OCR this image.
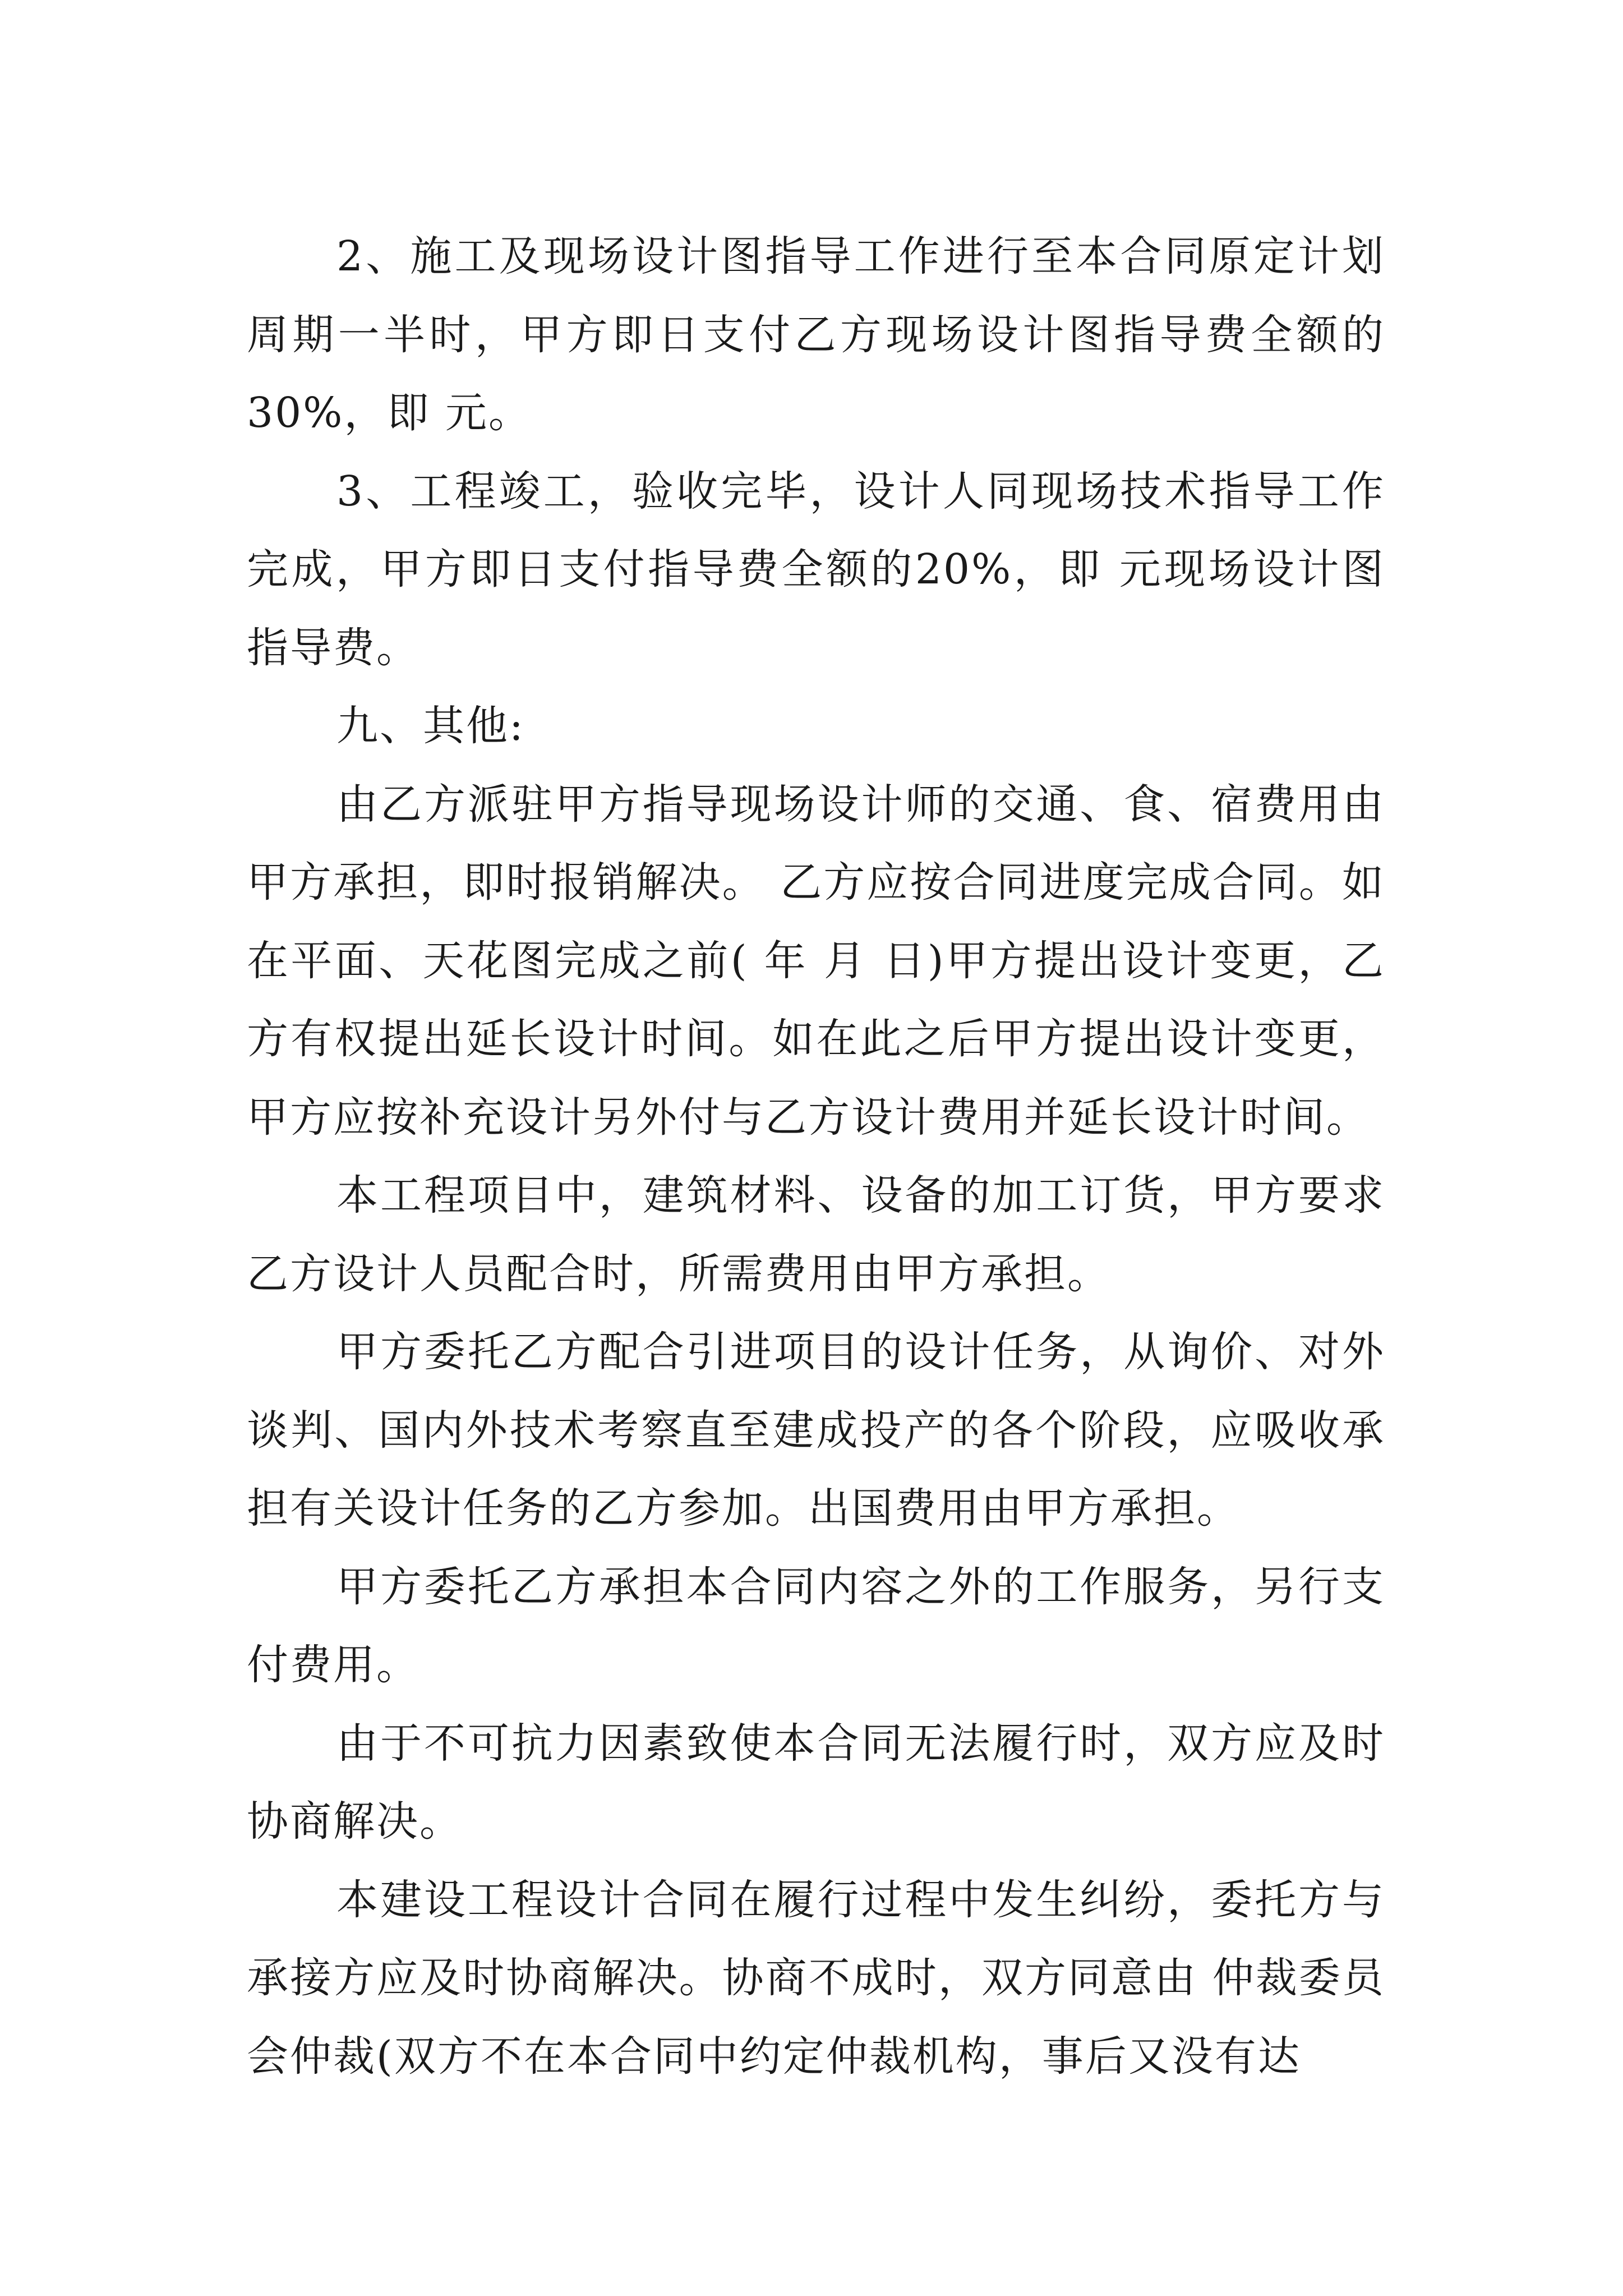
2、施工及现场设计图指导工作进行至本合同原定计划周期一半时，甲方即日支付乙方现场设计图指导费全额的30%，即 元。

3、工程竣工，验收完毕，设计人同现场技术指导工作完成，甲方即日支付指导费全额的20%，即 元现场设计图指导费。

九、其他:

由乙方派驻甲方指导现场设计师的交通、食、宿费用由甲方承担，即时报销解决。 乙方应按合同进度完成合同。如在平面、天花图完成之前( 年 月 日)甲方提出设计变更，乙方有权提出延长设计时间。如在此之后甲方提出设计变更，甲方应按补充设计另外付与乙方设计费用并延长设计时间。

本工程项目中，建筑材料、设备的加工订货，甲方要求乙方设计人员配合时，所需费用由甲方承担。

甲方委托乙方配合引进项目的设计任务，从询价、对外谈判、国内外技术考察直至建成投产的各个阶段，应吸收承担有关设计任务的乙方参加。出国费用由甲方承担。

甲方委托乙方承担本合同内容之外的工作服务，另行支付费用。

由于不可抗力因素致使本合同无法履行时，双方应及时协商解决。

本建设工程设计合同在履行过程中发生纠纷，委托方与承接方应及时协商解决。协商不成时，双方同意由 仲裁委员会仲裁(双方不在本合同中约定仲裁机构，事后又没有达
